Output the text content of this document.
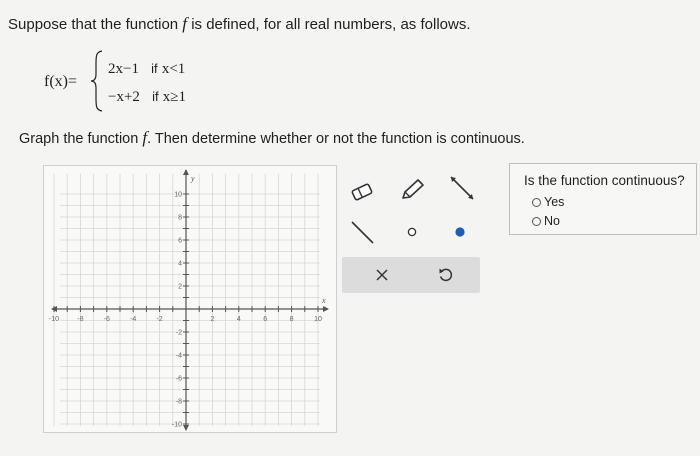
Suppose that the function f is defined, for all real numbers, as follows.
f(x)=
2x−1 if x<1
−x+2 if x≥1
Graph the function f. Then determine whether or not the function is continuous.
-10	-8	-6	-4	-2	2	4	6	8	10
10
8
6
4
2
-2
-4
-6
-8
-10
x
y	Is the function continuous?
Yes
No
